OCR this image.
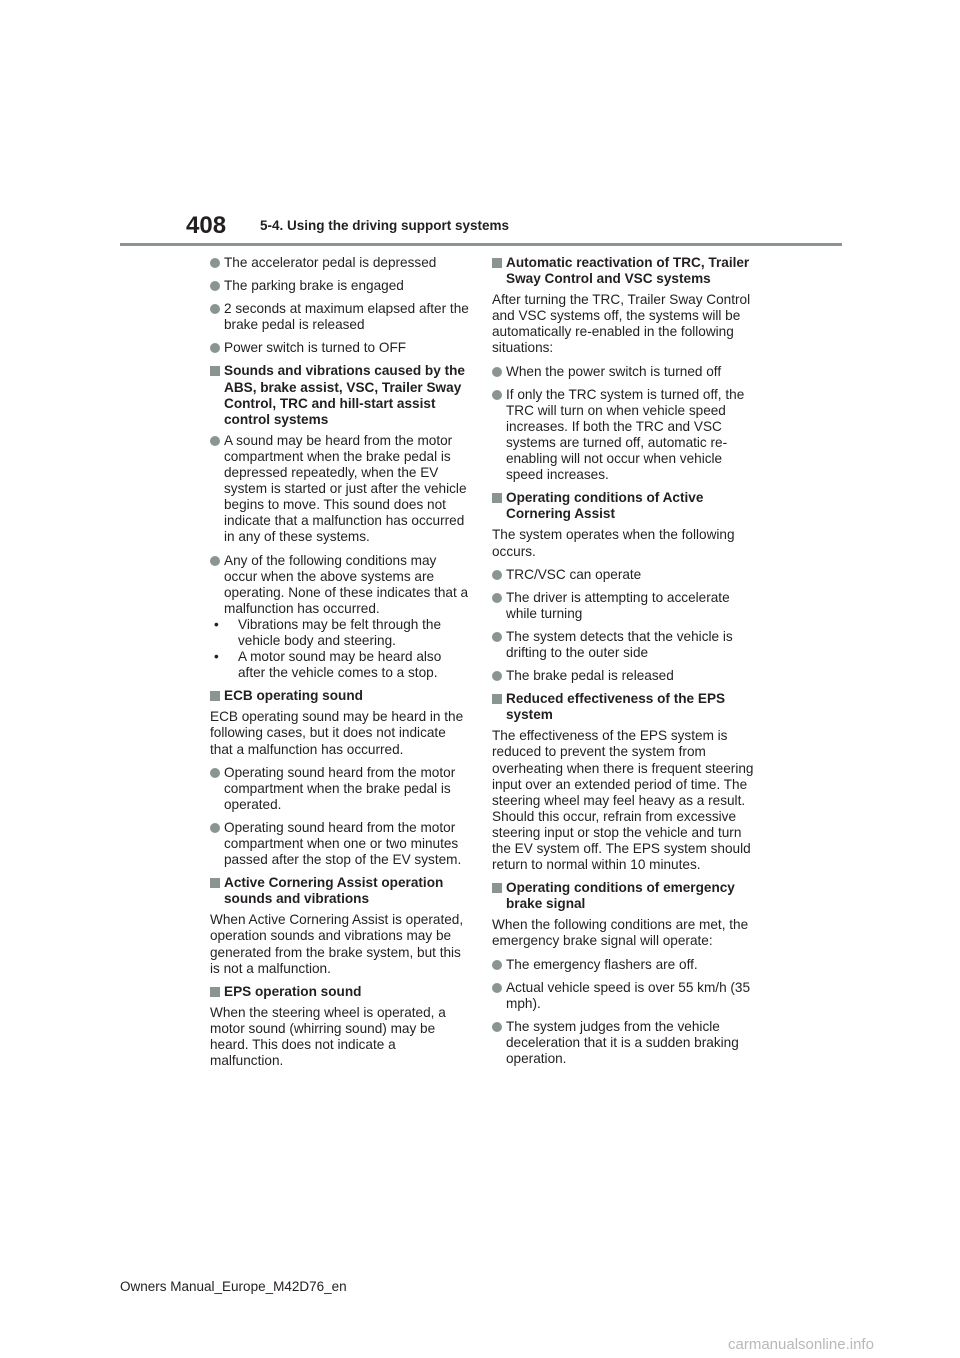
408	5-4. Using the driving support systems
The accelerator pedal is depressed
The parking brake is engaged
2 seconds at maximum elapsed after the brake pedal is released
Power switch is turned to OFF
Sounds and vibrations caused by the ABS, brake assist, VSC, Trailer Sway Control, TRC and hill-start assist control systems
A sound may be heard from the motor compartment when the brake pedal is depressed repeatedly, when the EV system is started or just after the vehicle begins to move. This sound does not indicate that a malfunction has occurred in any of these systems.
Any of the following conditions may occur when the above systems are operating. None of these indicates that a malfunction has occurred.
•	Vibrations may be felt through the vehicle body and steering.
•	A motor sound may be heard also after the vehicle comes to a stop.
ECB operating sound
ECB operating sound may be heard in the following cases, but it does not indicate that a malfunction has occurred.
Operating sound heard from the motor compartment when the brake pedal is operated.
Operating sound heard from the motor compartment when one or two minutes passed after the stop of the EV system.
Active Cornering Assist operation sounds and vibrations
When Active Cornering Assist is operated, operation sounds and vibrations may be generated from the brake system, but this is not a malfunction.
EPS operation sound
When the steering wheel is operated, a motor sound (whirring sound) may be heard. This does not indicate a malfunction.
Automatic reactivation of TRC, Trailer Sway Control and VSC systems
After turning the TRC, Trailer Sway Control and VSC systems off, the systems will be automatically re-enabled in the following situations:
When the power switch is turned off
If only the TRC system is turned off, the TRC will turn on when vehicle speed increases. If both the TRC and VSC systems are turned off, automatic re-enabling will not occur when vehicle speed increases.
Operating conditions of Active Cornering Assist
The system operates when the following occurs.
TRC/VSC can operate
The driver is attempting to accelerate while turning
The system detects that the vehicle is drifting to the outer side
The brake pedal is released
Reduced effectiveness of the EPS system
The effectiveness of the EPS system is reduced to prevent the system from overheating when there is frequent steering input over an extended period of time. The steering wheel may feel heavy as a result. Should this occur, refrain from excessive steering input or stop the vehicle and turn the EV system off. The EPS system should return to normal within 10 minutes.
Operating conditions of emergency brake signal
When the following conditions are met, the emergency brake signal will operate:
The emergency flashers are off.
Actual vehicle speed is over 55 km/h (35 mph).
The system judges from the vehicle deceleration that it is a sudden braking operation.
Owners Manual_Europe_M42D76_en
carmanualsonline.info
